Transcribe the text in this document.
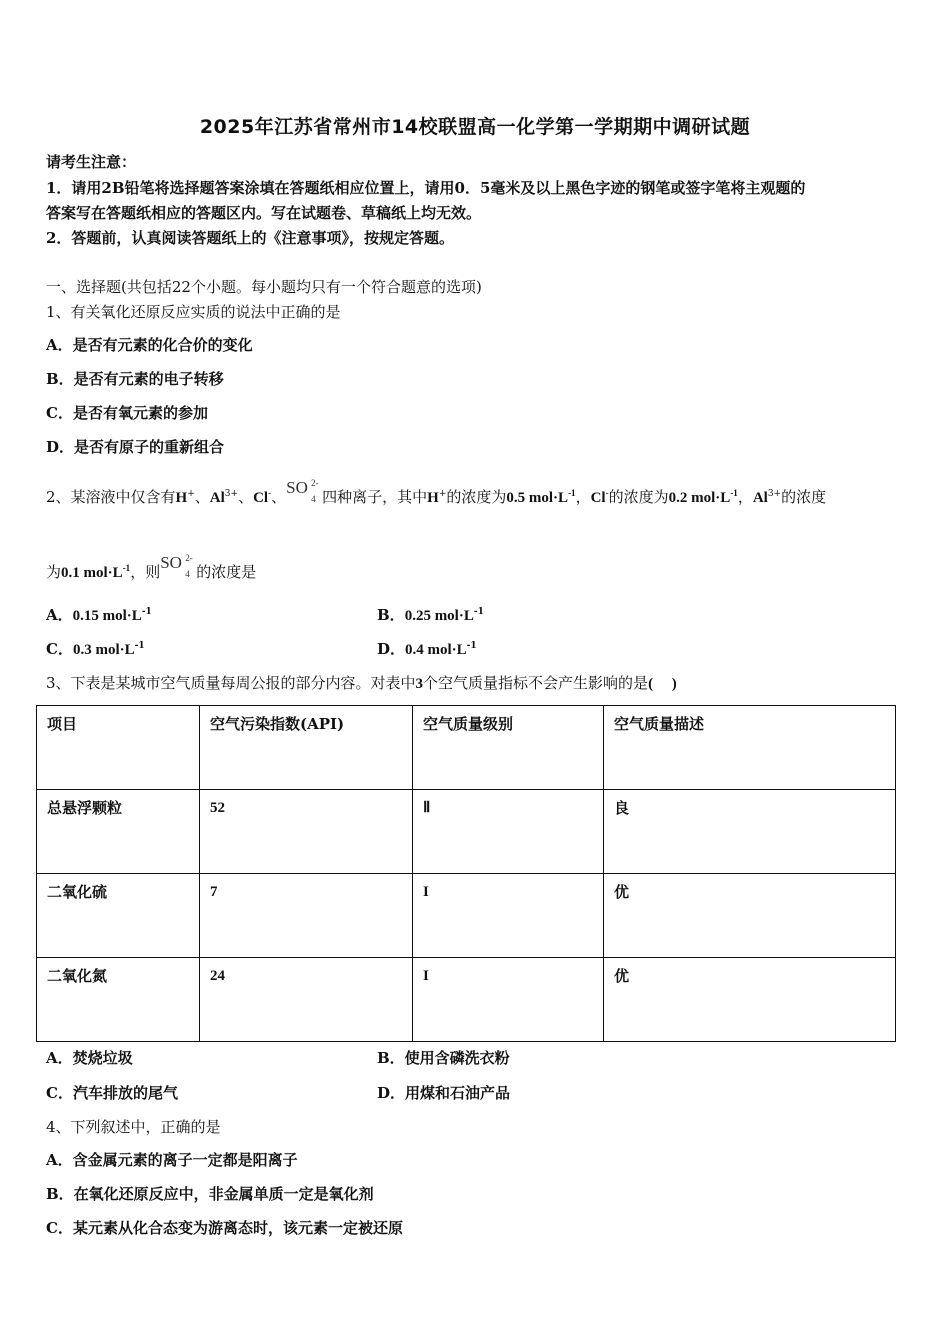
2025年江苏省常州市14校联盟高一化学第一学期期中调研试题
请考生注意：
1．请用2B铅笔将选择题答案涂填在答题纸相应位置上，请用0．5毫米及以上黑色字迹的钢笔或签字笔将主观题的
答案写在答题纸相应的答题区内。写在试题卷、草稿纸上均无效。
2．答题前，认真阅读答题纸上的《注意事项》，按规定答题。
一、选择题(共包括22个小题。每小题均只有一个符合题意的选项)
1、有关氧化还原反应实质的说法中正确的是
A．是否有元素的化合价的变化
B．是否有元素的电子转移
C．是否有氧元素的参加
D．是否有原子的重新组合
2、某溶液中仅含有H+、$Al^{3+}$、Cl-、 SO 2-
4 四种离子，其中H+的浓度为0.5 $mol\cdot L^{-1}$，Cl-的浓度为0.2 $mol\cdot L^{-1}$，$Al^{3+}$的浓度
为0.1 $mol\cdot L^{-1}$，则 SO 2-
4 的浓度是
A．0.15 $mol\cdot L^{-1}$	B．0.25 $mol\cdot L^{-1}$
C．0.3 $mol\cdot L^{-1}$	D．0.4 $mol\cdot L^{-1}$
3、下表是某城市空气质量每周公报的部分内容。对表中3个空气质量指标不会产生影响的是(     )
项目	空气污染指数(API)	空气质量级别	空气质量描述
总悬浮颗粒	52	Ⅱ	良
二氧化硫	7	I	优
二氧化氮	24	I	优
A．焚烧垃圾	B．使用含磷洗衣粉
C．汽车排放的尾气	D．用煤和石油产品
4、下列叙述中，正确的是
A．含金属元素的离子一定都是阳离子
B．在氧化还原反应中，非金属单质一定是氧化剂
C．某元素从化合态变为游离态时，该元素一定被还原
